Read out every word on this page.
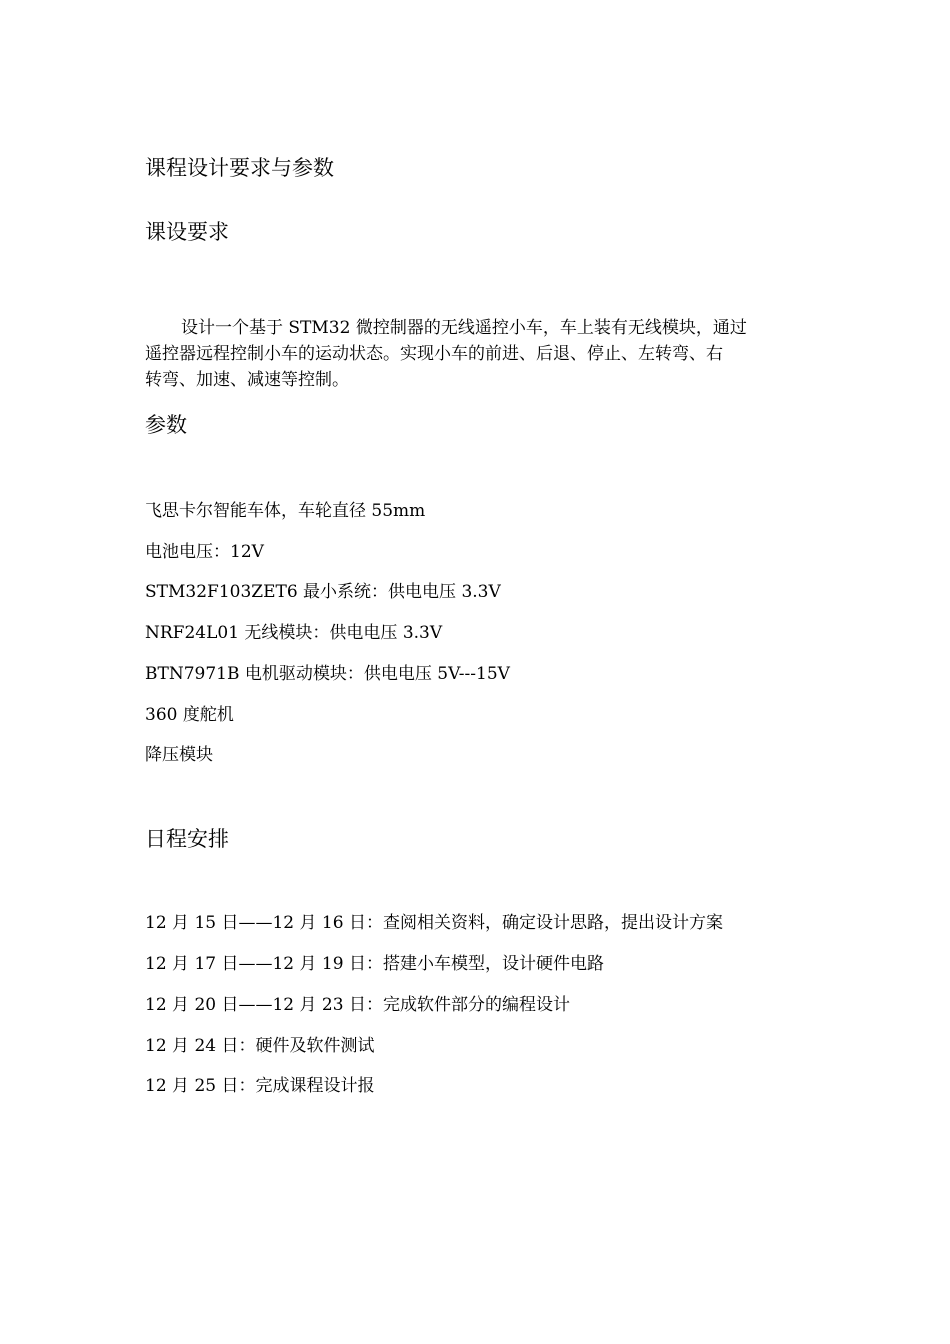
课程设计要求与参数
课设要求
设计一个基于 STM32 微控制器的无线遥控小车，车上装有无线模块，通过
遥控器远程控制小车的运动状态。实现小车的前进、后退、停止、左转弯、右
转弯、加速、减速等控制。
参数
飞思卡尔智能车体，车轮直径 55mm
电池电压：12V
STM32F103ZET6 最小系统：供电电压 3.3V
NRF24L01 无线模块：供电电压 3.3V
BTN7971B 电机驱动模块：供电电压 5V---15V
360 度舵机
降压模块
日程安排
12 月 15 日——12 月 16 日：查阅相关资料，确定设计思路，提出设计方案
12 月 17 日——12 月 19 日：搭建小车模型，设计硬件电路
12 月 20 日——12 月 23 日：完成软件部分的编程设计
12 月 24 日：硬件及软件测试
12 月 25 日：完成课程设计报
